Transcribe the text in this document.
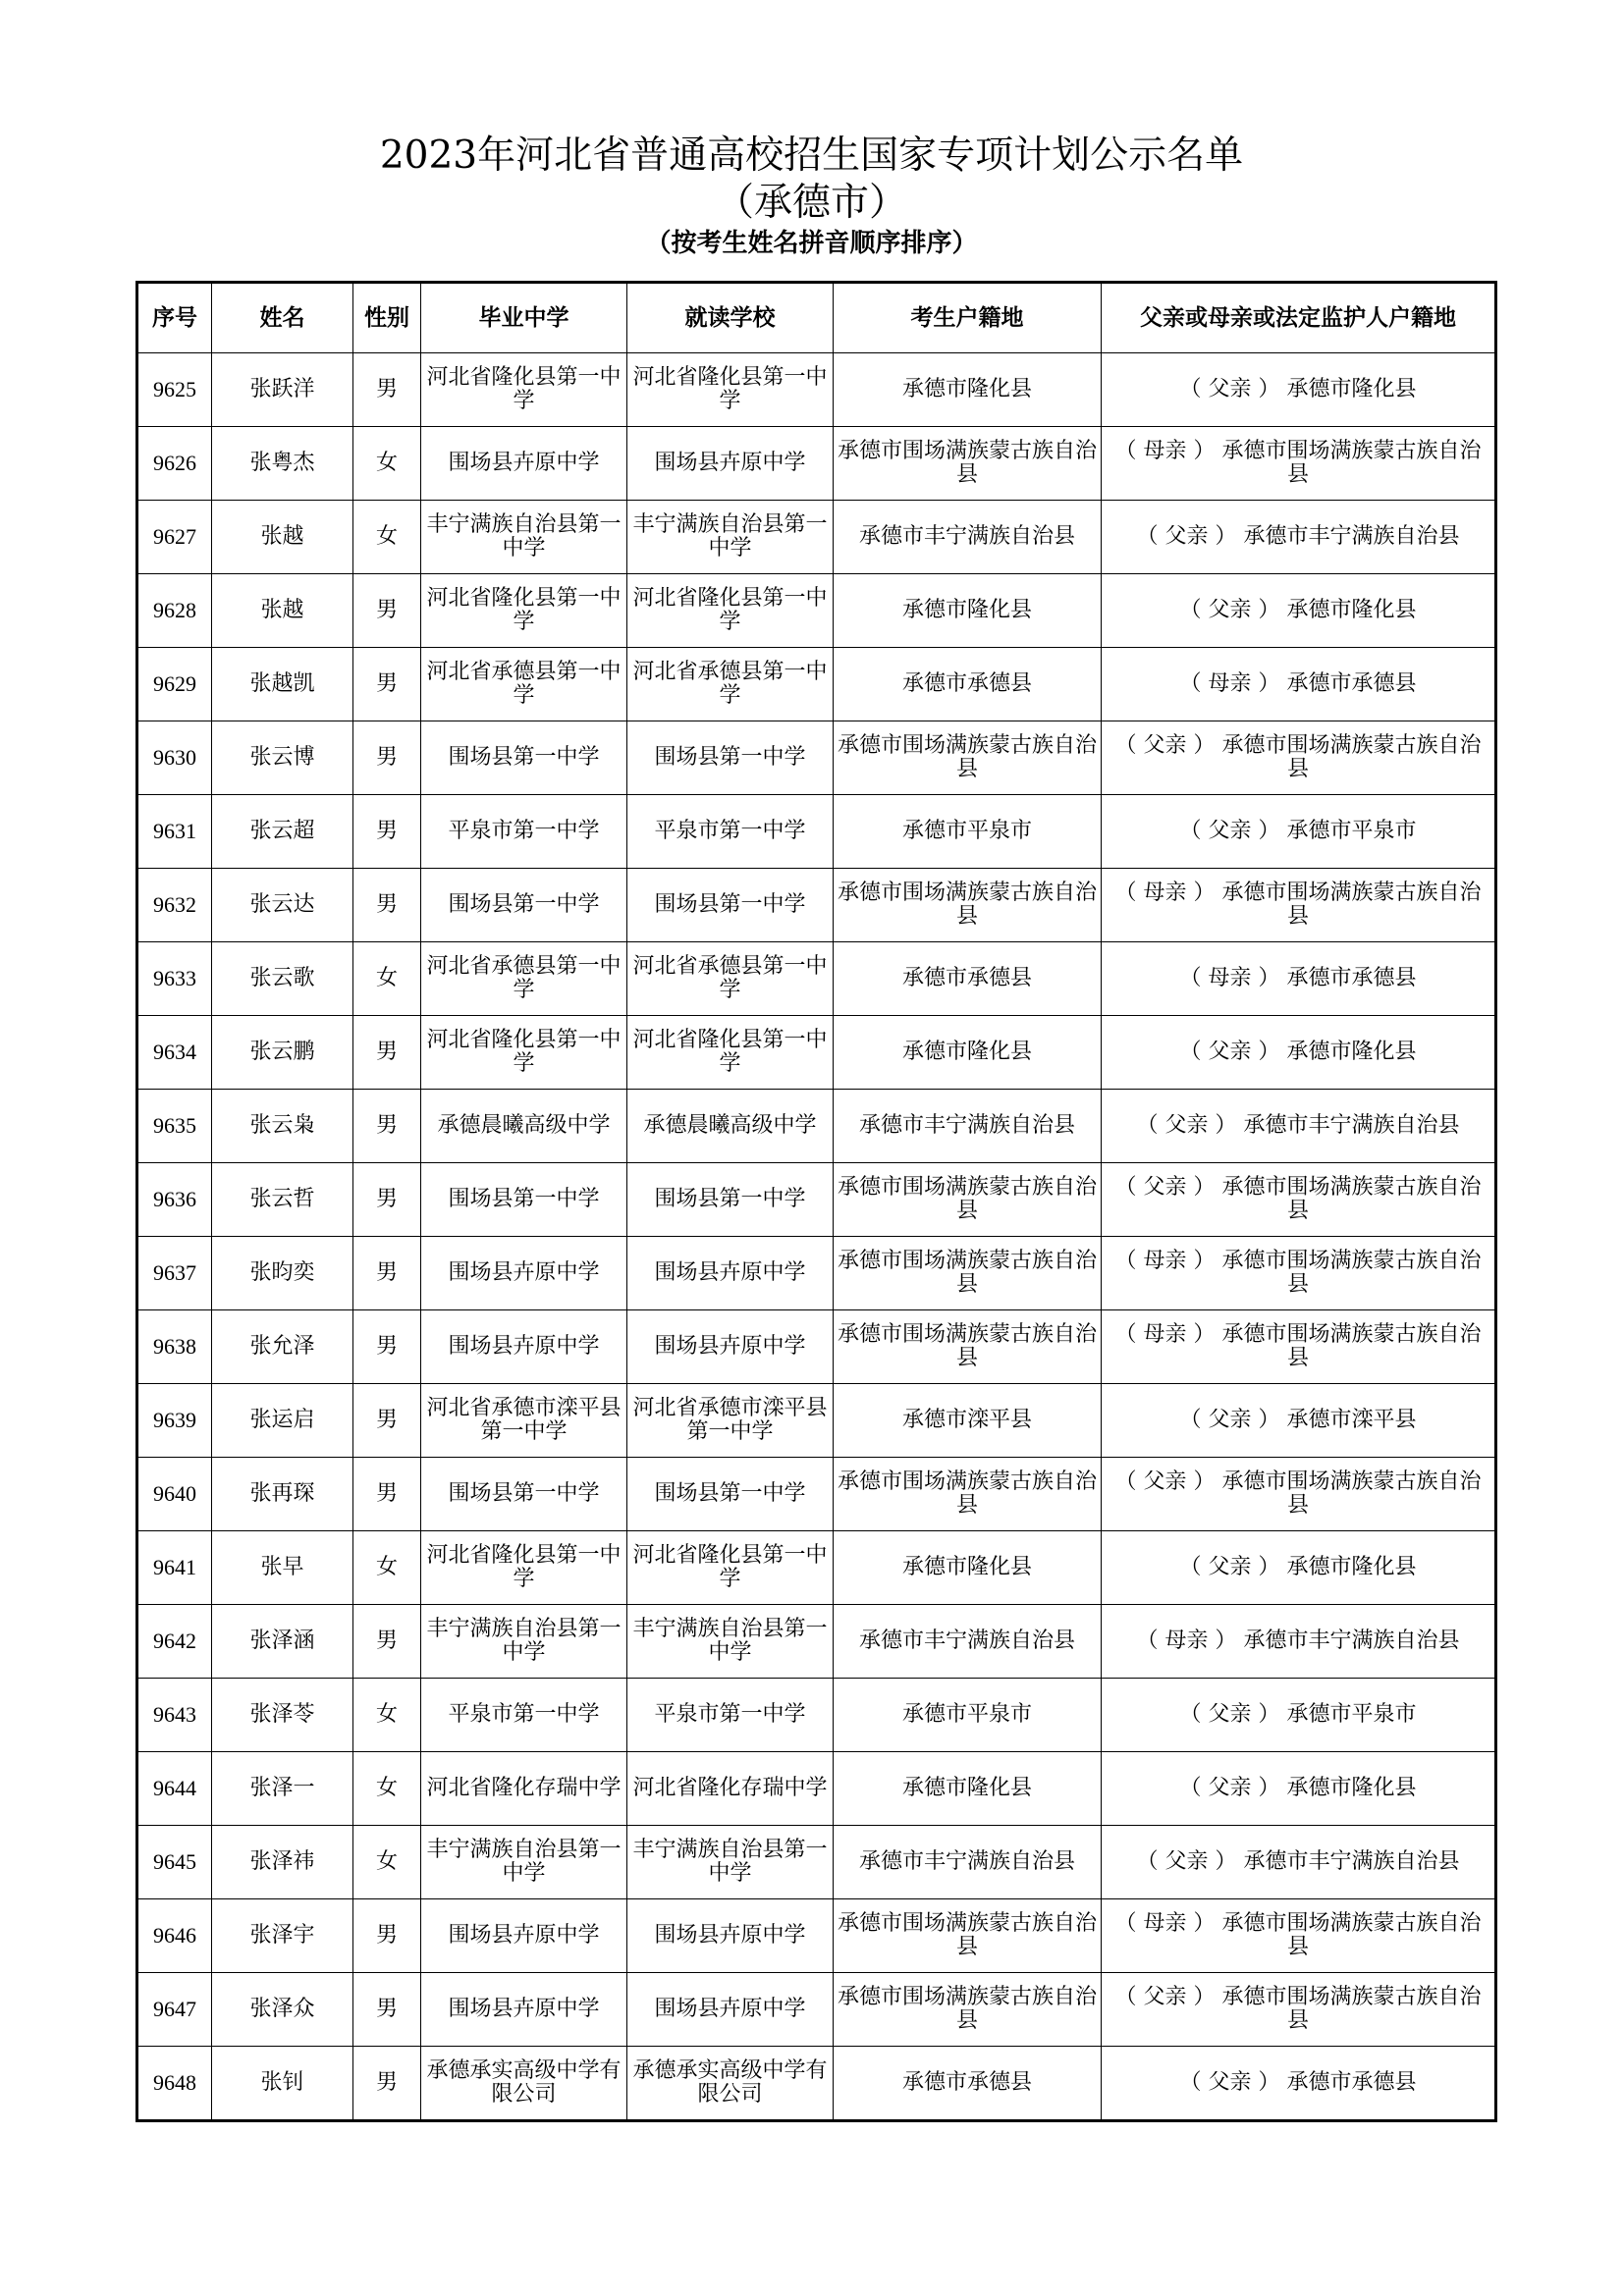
2023年河北省普通高校招生国家专项计划公示名单
（承德市）
（按考生姓名拼音顺序排序）
序号	姓名	性别	毕业中学	就读学校	考生户籍地	父亲或母亲或法定监护人户籍地
9625	张跃洋	男	河北省隆化县第一中学	河北省隆化县第一中学	承德市隆化县	（ 父亲 ） 承德市隆化县
9626	张粤杰	女	围场县卉原中学	围场县卉原中学	承德市围场满族蒙古族自治县	（ 母亲 ） 承德市围场满族蒙古族自治县
9627	张越	女	丰宁满族自治县第一中学	丰宁满族自治县第一中学	承德市丰宁满族自治县	（ 父亲 ） 承德市丰宁满族自治县
9628	张越	男	河北省隆化县第一中学	河北省隆化县第一中学	承德市隆化县	（ 父亲 ） 承德市隆化县
9629	张越凯	男	河北省承德县第一中学	河北省承德县第一中学	承德市承德县	（ 母亲 ） 承德市承德县
9630	张云博	男	围场县第一中学	围场县第一中学	承德市围场满族蒙古族自治县	（ 父亲 ） 承德市围场满族蒙古族自治县
9631	张云超	男	平泉市第一中学	平泉市第一中学	承德市平泉市	（ 父亲 ） 承德市平泉市
9632	张云达	男	围场县第一中学	围场县第一中学	承德市围场满族蒙古族自治县	（ 母亲 ） 承德市围场满族蒙古族自治县
9633	张云歌	女	河北省承德县第一中学	河北省承德县第一中学	承德市承德县	（ 母亲 ） 承德市承德县
9634	张云鹏	男	河北省隆化县第一中学	河北省隆化县第一中学	承德市隆化县	（ 父亲 ） 承德市隆化县
9635	张云枭	男	承德晨曦高级中学	承德晨曦高级中学	承德市丰宁满族自治县	（ 父亲 ） 承德市丰宁满族自治县
9636	张云哲	男	围场县第一中学	围场县第一中学	承德市围场满族蒙古族自治县	（ 父亲 ） 承德市围场满族蒙古族自治县
9637	张昀奕	男	围场县卉原中学	围场县卉原中学	承德市围场满族蒙古族自治县	（ 母亲 ） 承德市围场满族蒙古族自治县
9638	张允泽	男	围场县卉原中学	围场县卉原中学	承德市围场满族蒙古族自治县	（ 母亲 ） 承德市围场满族蒙古族自治县
9639	张运启	男	河北省承德市滦平县第一中学	河北省承德市滦平县第一中学	承德市滦平县	（ 父亲 ） 承德市滦平县
9640	张再琛	男	围场县第一中学	围场县第一中学	承德市围场满族蒙古族自治县	（ 父亲 ） 承德市围场满族蒙古族自治县
9641	张早	女	河北省隆化县第一中学	河北省隆化县第一中学	承德市隆化县	（ 父亲 ） 承德市隆化县
9642	张泽涵	男	丰宁满族自治县第一中学	丰宁满族自治县第一中学	承德市丰宁满族自治县	（ 母亲 ） 承德市丰宁满族自治县
9643	张泽苓	女	平泉市第一中学	平泉市第一中学	承德市平泉市	（ 父亲 ） 承德市平泉市
9644	张泽一	女	河北省隆化存瑞中学	河北省隆化存瑞中学	承德市隆化县	（ 父亲 ） 承德市隆化县
9645	张泽祎	女	丰宁满族自治县第一中学	丰宁满族自治县第一中学	承德市丰宁满族自治县	（ 父亲 ） 承德市丰宁满族自治县
9646	张泽宇	男	围场县卉原中学	围场县卉原中学	承德市围场满族蒙古族自治县	（ 母亲 ） 承德市围场满族蒙古族自治县
9647	张泽众	男	围场县卉原中学	围场县卉原中学	承德市围场满族蒙古族自治县	（ 父亲 ） 承德市围场满族蒙古族自治县
9648	张钊	男	承德承实高级中学有限公司	承德承实高级中学有限公司	承德市承德县	（ 父亲 ） 承德市承德县
